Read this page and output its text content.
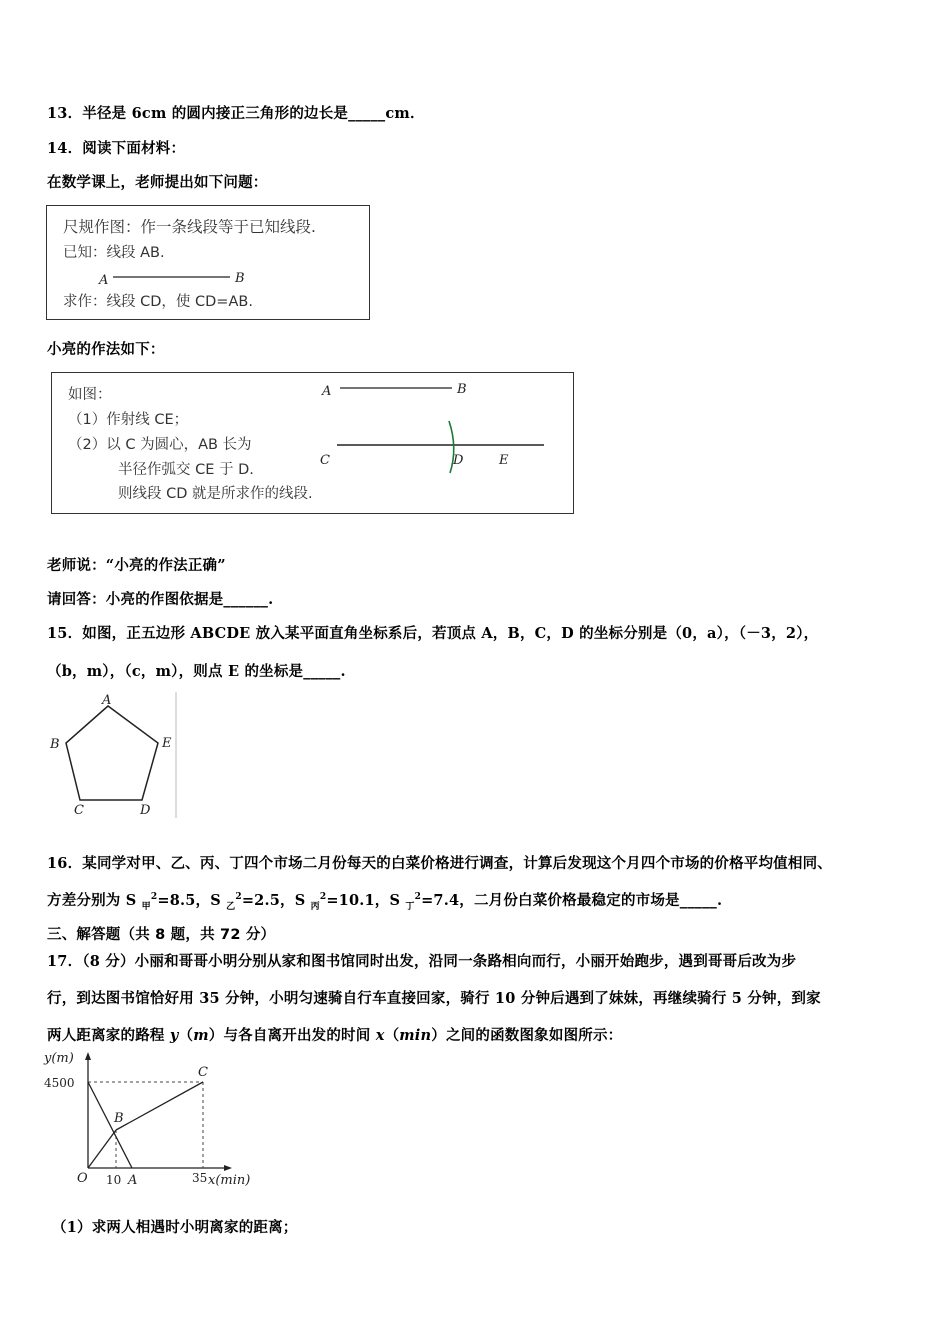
13．半径是 6cm 的圆内接正三角形的边长是_____cm．
14．阅读下面材料：
在数学课上，老师提出如下问题：
尺规作图：作一条线段等于已知线段.
已知：线段 AB.
A	B
求作：线段 CD，使 CD=AB.
小亮的作法如下：
如图：
（1）作射线 CE；
（2）以 C 为圆心，AB 长为
半径作弧交 CE 于 D.
则线段 CD 就是所求作的线段.
A	B
C	D	E
老师说：“小亮的作法正确”
请回答：小亮的作图依据是______.
15．如图，正五边形 ABCDE 放入某平面直角坐标系后，若顶点 A，B，C，D 的坐标分别是（0，a），（－3，2），
（b，m），（c，m），则点 E 的坐标是_____.
A
B
C	D
E
16．某同学对甲、乙、丙、丁四个市场二月份每天的白菜价格进行调查，计算后发现这个月四个市场的价格平均值相同、
方差分别为 S $_甲^2$=8.5，S $_乙^2$=2.5，S $_丙^2$=10.1，S $_丁^2$=7.4，二月份白菜价格最稳定的市场是_____.
三、解答题（共 8 题，共 72 分）
17．（8 分）小丽和哥哥小明分别从家和图书馆同时出发，沿同一条路相向而行，小丽开始跑步，遇到哥哥后改为步
行，到达图书馆恰好用 35 分钟，小明匀速骑自行车直接回家，骑行 10 分钟后遇到了妹妹，再继续骑行 5 分钟，到家
两人距离家的路程 y（m）与各自离开出发的时间 x（min）之间的函数图象如图所示：
y(m)
4500
O 10 A	35 x(min)
B
C
（1）求两人相遇时小明离家的距离；
